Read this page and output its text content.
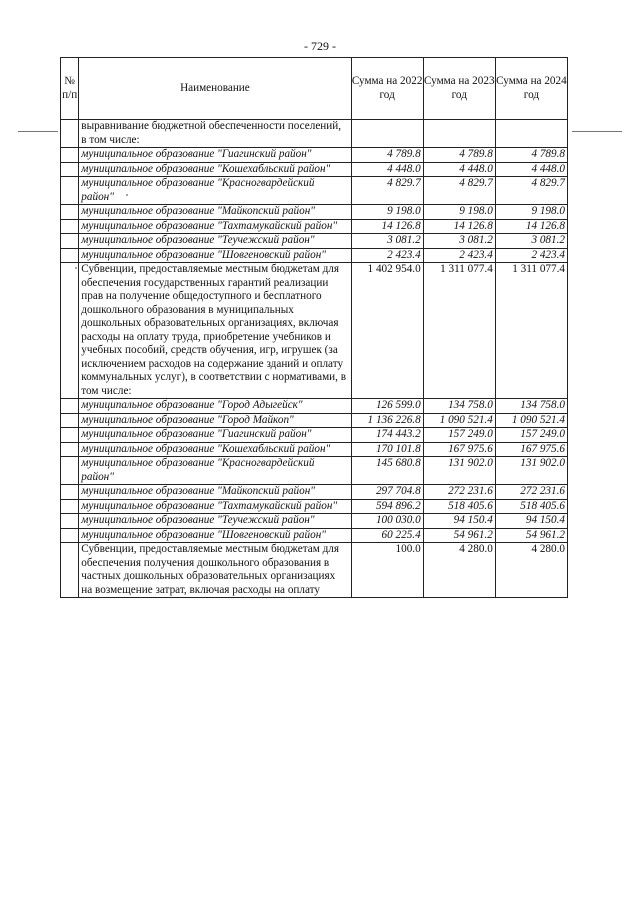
- 729 -
№ п/п	Наименование	Сумма на 2022 год	Сумма на 2023 год	Сумма на 2024 год
	выравнивание бюджетной обеспеченности поселений, в том числе:			
	муниципальное образование "Гиагинский район"	4 789.8	4 789.8	4 789.8
	муниципальное образование "Кошехабльский район"	4 448.0	4 448.0	4 448.0
	муниципальное образование "Красногвардейский район"	4 829.7	4 829.7	4 829.7
	муниципальное образование "Майкопский район"	9 198.0	9 198.0	9 198.0
	муниципальное образование "Тахтамукайский район"	14 126.8	14 126.8	14 126.8
	муниципальное образование "Теучежский район"	3 081.2	3 081.2	3 081.2
	муниципальное образование "Шовгеновский район"	2 423.4	2 423.4	2 423.4
	Субвенции, предоставляемые местным бюджетам для обеспечения государственных гарантий реализации прав на получение общедоступного и бесплатного дошкольного образования в муниципальных дошкольных образовательных организациях, включая расходы на оплату труда, приобретение учебников и учебных пособий, средств обучения, игр, игрушек (за исключением расходов на содержание зданий и оплату коммунальных услуг), в соответствии с нормативами, в том числе:	1 402 954.0	1 311 077.4	1 311 077.4
	муниципальное образование "Город Адыгейск"	126 599.0	134 758.0	134 758.0
	муниципальное образование "Город Майкоп"	1 136 226.8	1 090 521.4	1 090 521.4
	муниципальное образование "Гиагинский район"	174 443.2	157 249.0	157 249.0
	муниципальное образование "Кошехабльский район"	170 101.8	167 975.6	167 975.6
	муниципальное образование "Красногвардейский район"	145 680.8	131 902.0	131 902.0
	муниципальное образование "Майкопский район"	297 704.8	272 231.6	272 231.6
	муниципальное образование "Тахтамукайский район"	594 896.2	518 405.6	518 405.6
	муниципальное образование "Теучежский район"	100 030.0	94 150.4	94 150.4
	муниципальное образование "Шовгеновский район"	60 225.4	54 961.2	54 961.2
	Субвенции, предоставляемые местным бюджетам для обеспечения получения дошкольного образования в частных дошкольных образовательных организациях на возмещение затрат, включая расходы на оплату	100.0	4 280.0	4 280.0
